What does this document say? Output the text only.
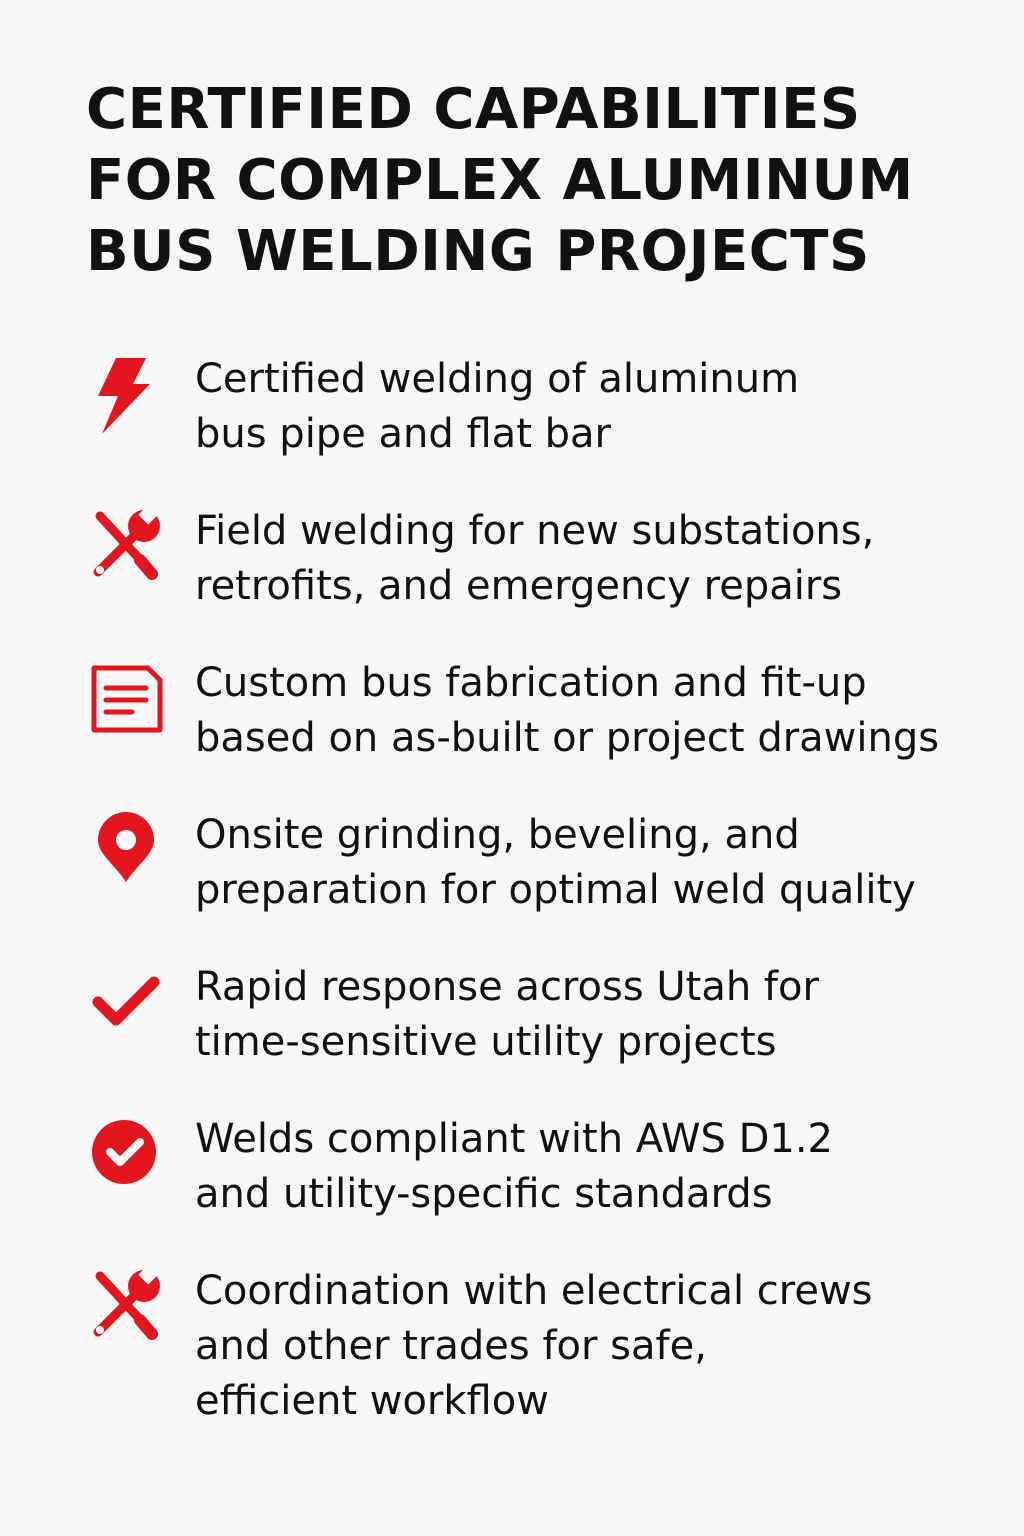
CERTIFIED CAPABILITIES
FOR COMPLEX ALUMINUM
BUS WELDING PROJECTS
Certified welding of aluminum
bus pipe and flat bar
Field welding for new substations,
retrofits, and emergency repairs
Custom bus fabrication and fit-up
based on as-built or project drawings
Onsite grinding, beveling, and
preparation for optimal weld quality
Rapid response across Utah for
time-sensitive utility projects
Welds compliant with AWS D1.2
and utility-specific standards
Coordination with electrical crews
and other trades for safe,
efficient workflow
